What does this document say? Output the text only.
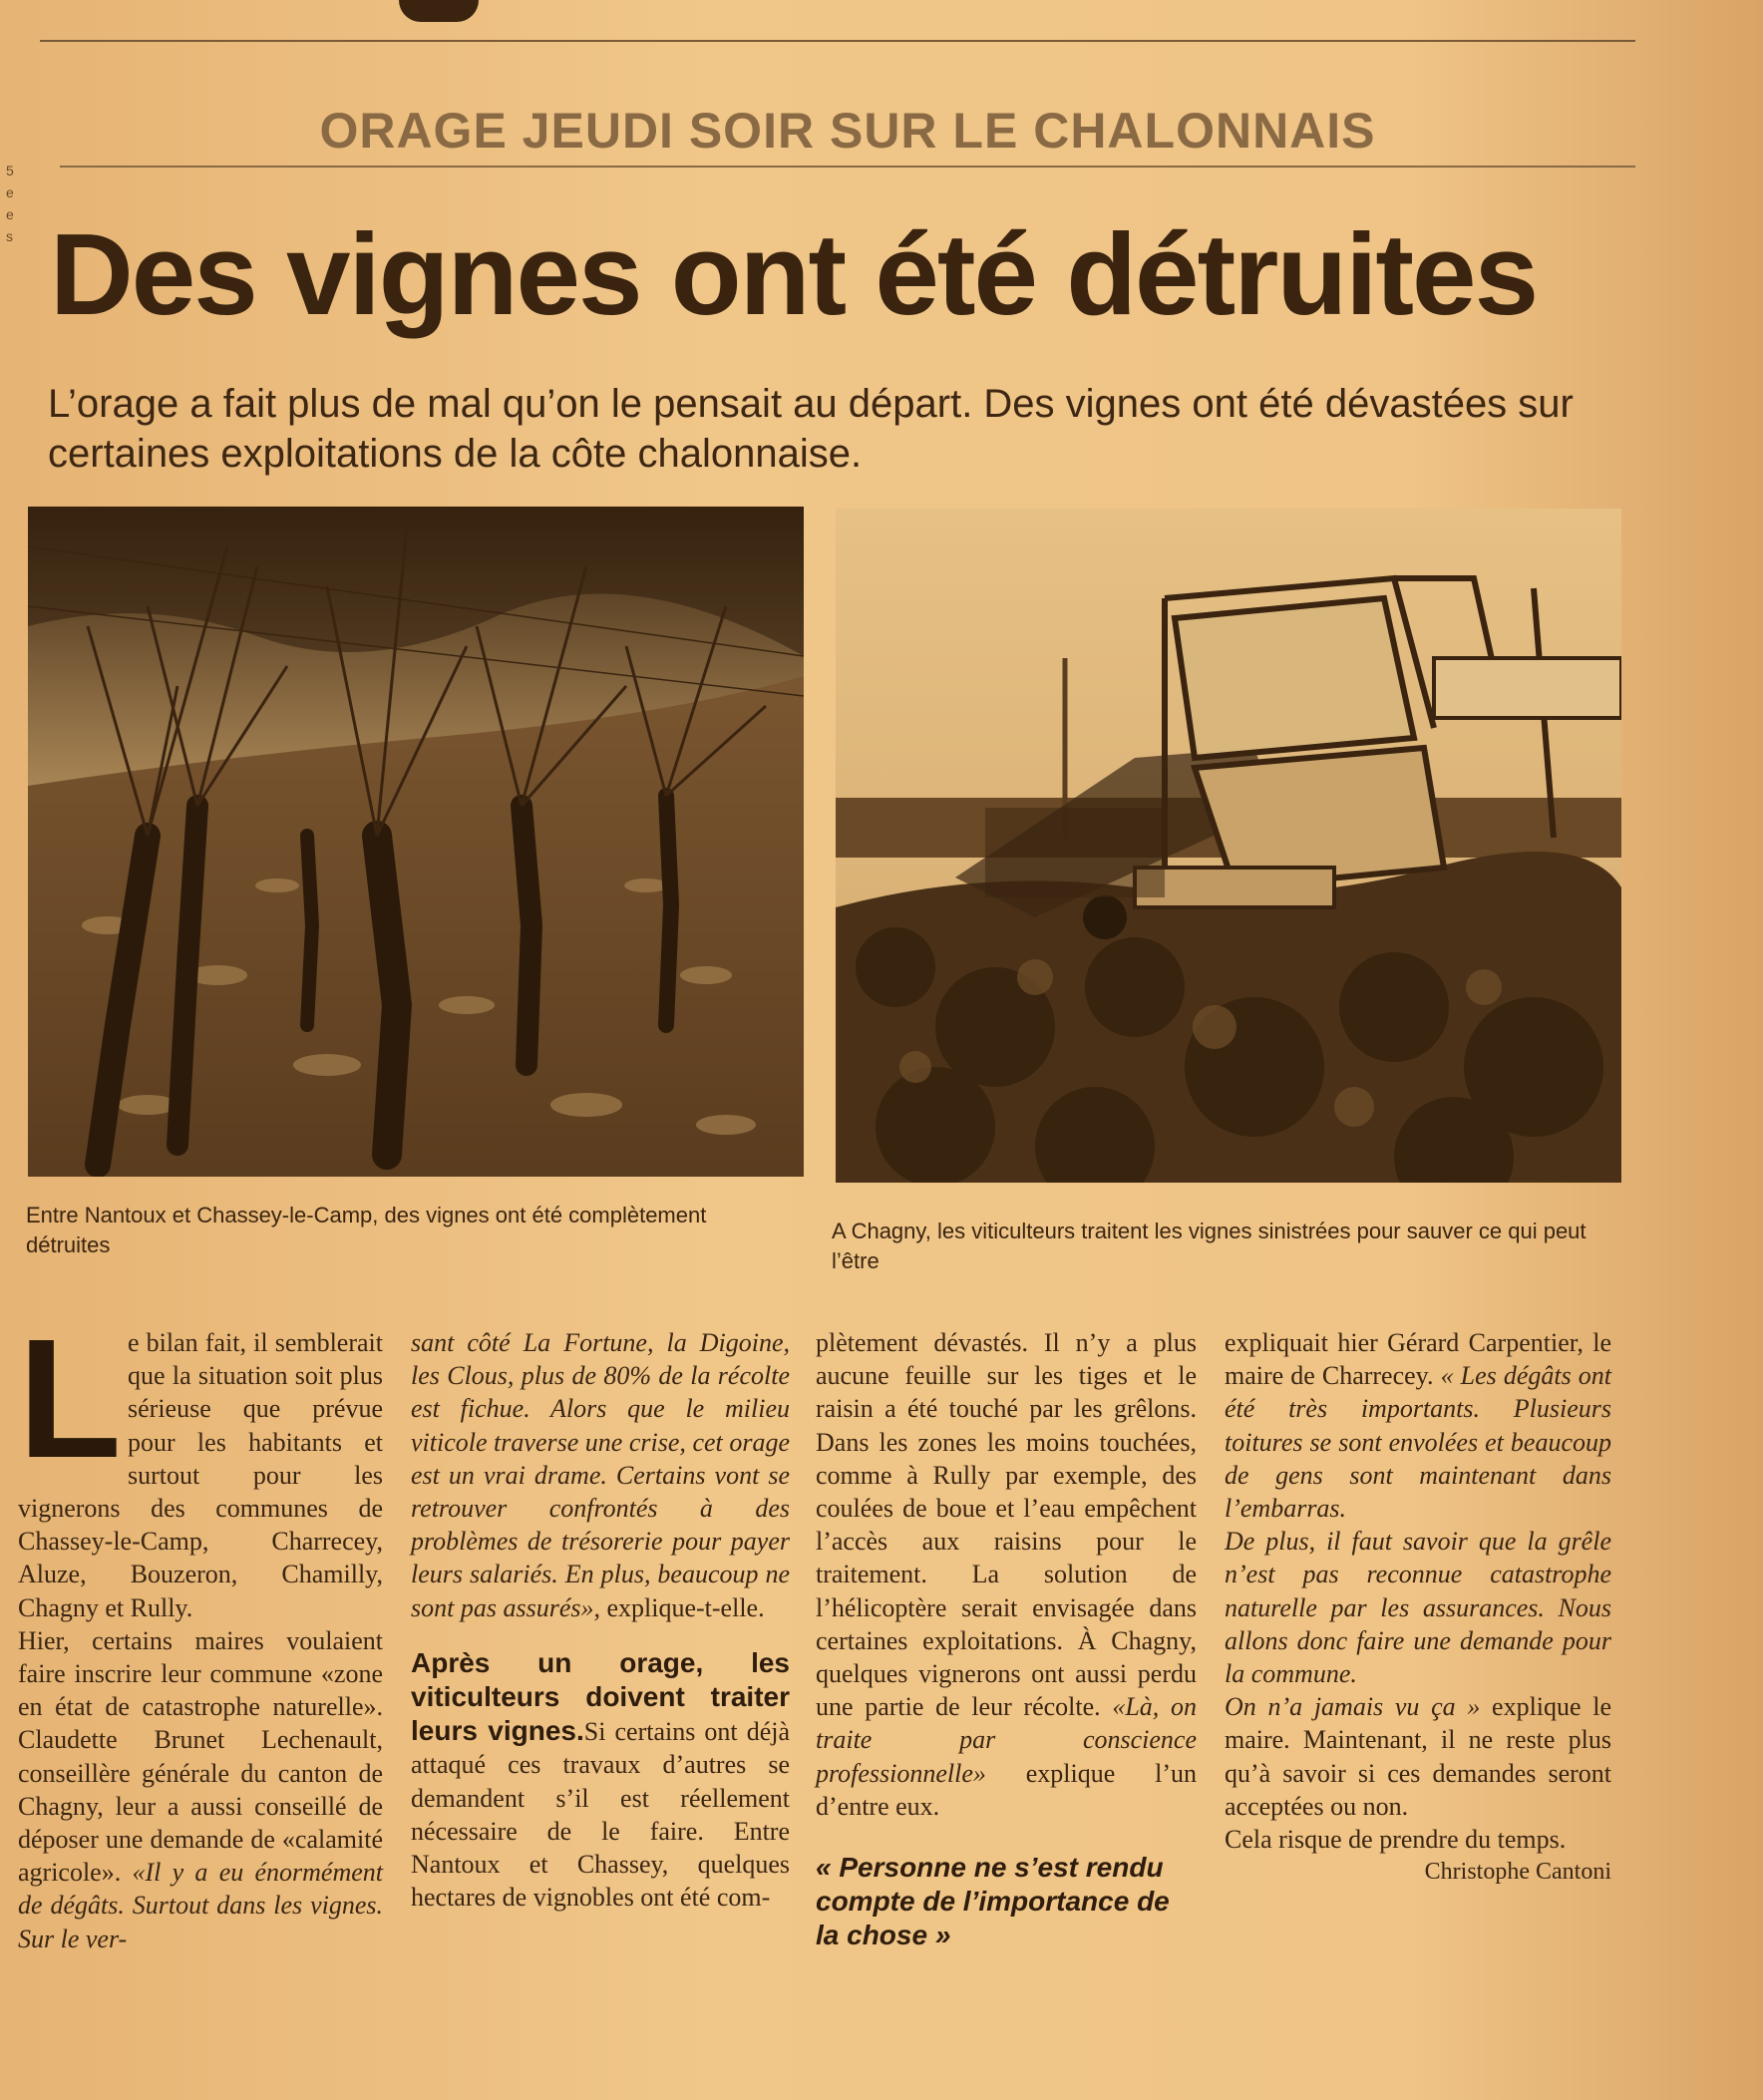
5
e
e
s
ORAGE JEUDI SOIR SUR LE CHALONNAIS
Des vignes ont été détruites
L’orage a fait plus de mal qu’on le pensait au départ. Des vignes ont été dévastées sur certaines exploitations de la côte chalonnaise.
Entre Nantoux et Chassey-le-Camp, des vignes ont été complètement détruites
A Chagny, les viticulteurs traitent les vignes sinistrées pour sauver ce qui peut l’être

Le bilan fait, il semblerait que la situation soit plus sérieuse que prévue pour les habitants et surtout pour les vignerons des communes de Chassey-le-Camp, Charrecey, Aluze, Bouzeron, Chamilly, Chagny et Rully.

Hier, certains maires voulaient faire inscrire leur commune «zone en état de catastrophe naturelle». Claudette Brunet Lechenault, conseillère générale du canton de Chagny, leur a aussi conseillé de déposer une demande de «calamité agricole». «Il y a eu énormément de dégâts. Surtout dans les vignes. Sur le ver-

sant côté La Fortune, la Digoine, les Clous, plus de 80% de la récolte est fichue. Alors que le milieu viticole traverse une crise, cet orage est un vrai drame. Certains vont se retrouver confrontés à des problèmes de trésorerie pour payer leurs salariés. En plus, beaucoup ne sont pas assurés», explique-t-elle.

Après un orage, les viticulteurs doivent traiter leurs vignes.Si certains ont déjà attaqué ces travaux d’autres se demandent s’il est réellement nécessaire de le faire. Entre Nantoux et Chassey, quelques hectares de vignobles ont été com-

plètement dévastés. Il n’y a plus aucune feuille sur les tiges et le raisin a été touché par les grêlons. Dans les zones les moins touchées, comme à Rully par exemple, des coulées de boue et l’eau empêchent l’accès aux raisins pour le traitement. La solution de l’hélicoptère serait envisagée dans certaines exploitations. À Chagny, quelques vignerons ont aussi perdu une partie de leur récolte. «Là, on traite par conscience professionnelle» explique l’un d’entre eux.

« Personne ne s’est rendu compte de l’importance de la chose »

expliquait hier Gérard Carpentier, le maire de Charrecey. « Les dégâts ont été très importants. Plusieurs toitures se sont envolées et beaucoup de gens sont maintenant dans l’embarras.

De plus, il faut savoir que la grêle n’est pas reconnue catastrophe naturelle par les assurances. Nous allons donc faire une demande pour la commune.

On n’a jamais vu ça » explique le maire. Maintenant, il ne reste plus qu’à savoir si ces demandes seront acceptées ou non.

Cela risque de prendre du temps.

Christophe Cantoni
